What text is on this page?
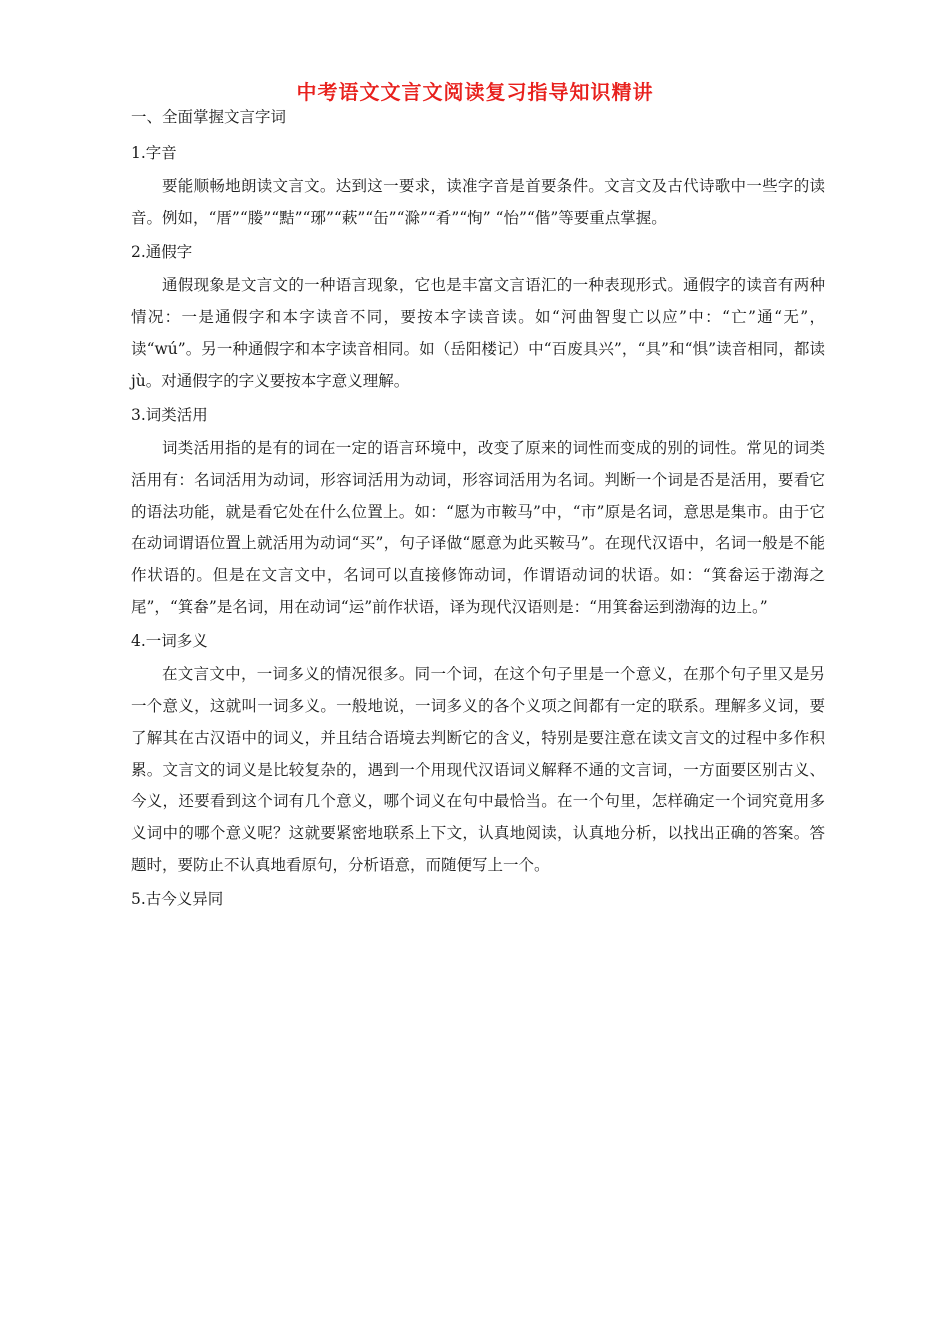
中考语文文言文阅读复习指导知识精讲
一、全面掌握文言字词
1.字音

要能顺畅地朗读文言文。达到这一要求，读准字音是首要条件。文言文及古代诗歌中一些字的读音。例如，“厝”“媵”“黠”“琊”“蔌”“缶”“滁”“肴”“恂” “怡”“偕”等要重点掌握。

2.通假字

通假现象是文言文的一种语言现象，它也是丰富文言语汇的一种表现形式。通假字的读音有两种情况：一是通假字和本字读音不同，要按本字读音读。如“河曲智叟亡以应”中：“亡”通“无”，读“wú”。另一种通假字和本字读音相同。如（岳阳楼记）中“百废具兴”，“具”和“惧”读音相同，都读 jù。对通假字的字义要按本字意义理解。

3.词类活用

词类活用指的是有的词在一定的语言环境中，改变了原来的词性而变成的别的词性。常见的词类活用有：名词活用为动词，形容词活用为动词，形容词活用为名词。判断一个词是否是活用，要看它的语法功能，就是看它处在什么位置上。如：“愿为市鞍马”中，“市”原是名词，意思是集市。由于它在动词谓语位置上就活用为动词“买”，句子译做“愿意为此买鞍马”。在现代汉语中，名词一般是不能作状语的。但是在文言文中，名词可以直接修饰动词，作谓语动词的状语。如：“箕畚运于渤海之尾”，“箕畚”是名词，用在动词“运”前作状语，译为现代汉语则是：“用箕畚运到渤海的边上。”

4.一词多义

在文言文中，一词多义的情况很多。同一个词，在这个句子里是一个意义，在那个句子里又是另一个意义，这就叫一词多义。一般地说，一词多义的各个义项之间都有一定的联系。理解多义词，要了解其在古汉语中的词义，并且结合语境去判断它的含义，特别是要注意在读文言文的过程中多作积累。文言文的词义是比较复杂的，遇到一个用现代汉语词义解释不通的文言词，一方面要区别古义、今义，还要看到这个词有几个意义，哪个词义在句中最恰当。在一个句里，怎样确定一个词究竟用多义词中的哪个意义呢？这就要紧密地联系上下文，认真地阅读，认真地分析，以找出正确的答案。答题时，要防止不认真地看原句，分析语意，而随便写上一个。

5.古今义异同
